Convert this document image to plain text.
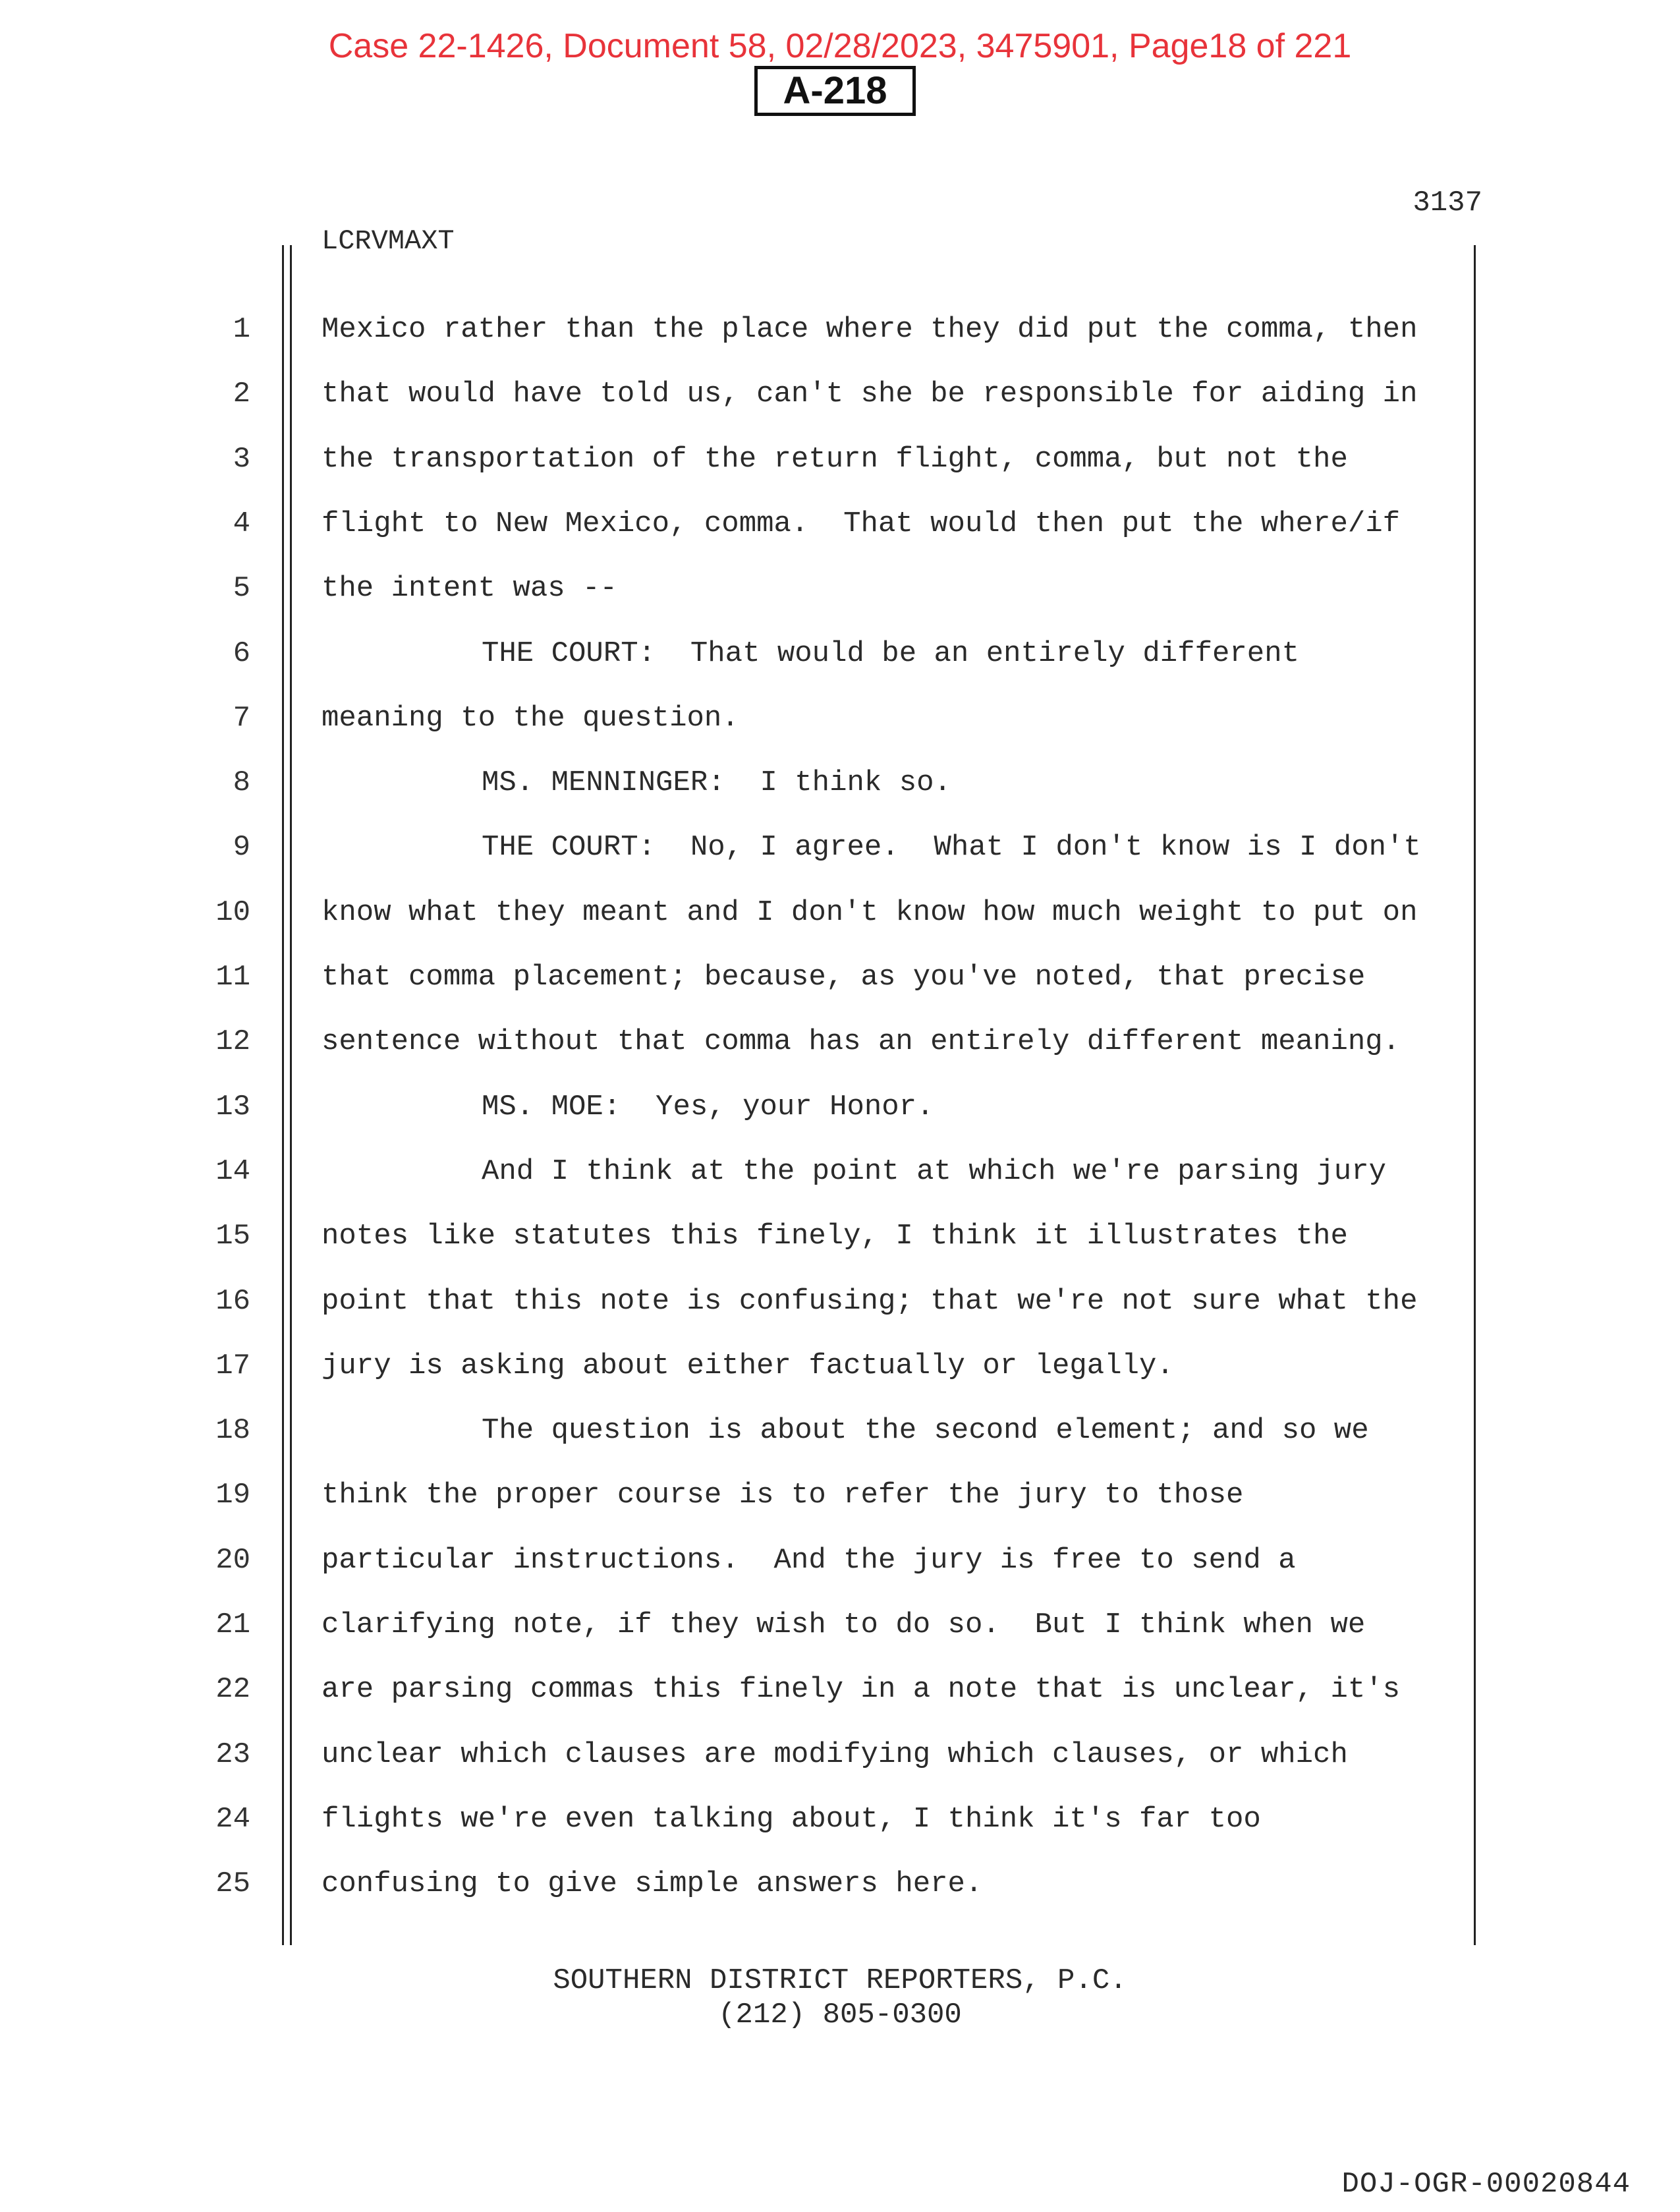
Case 22-1426, Document 58, 02/28/2023, 3475901, Page18 of 221
A-218
3137
LCRVMAXT
1 Mexico rather than the place where they did put the comma, then
2 that would have told us, can't she be responsible for aiding in
3 the transportation of the return flight, comma, but not the
4 flight to New Mexico, comma.  That would then put the where/if
5 the intent was --
6	THE COURT:  That would be an entirely different
7 meaning to the question.
8	MS. MENNINGER:  I think so.
9	THE COURT:  No, I agree.  What I don't know is I don't
10 know what they meant and I don't know how much weight to put on
11 that comma placement; because, as you've noted, that precise
12 sentence without that comma has an entirely different meaning.
13	MS. MOE:  Yes, your Honor.
14	And I think at the point at which we're parsing jury
15 notes like statutes this finely, I think it illustrates the
16 point that this note is confusing; that we're not sure what the
17 jury is asking about either factually or legally.
18	The question is about the second element; and so we
19 think the proper course is to refer the jury to those
20 particular instructions.  And the jury is free to send a
21 clarifying note, if they wish to do so.  But I think when we
22 are parsing commas this finely in a note that is unclear, it's
23 unclear which clauses are modifying which clauses, or which
24 flights we're even talking about, I think it's far too
25 confusing to give simple answers here.
SOUTHERN DISTRICT REPORTERS, P.C.
(212) 805-0300
DOJ-OGR-00020844
